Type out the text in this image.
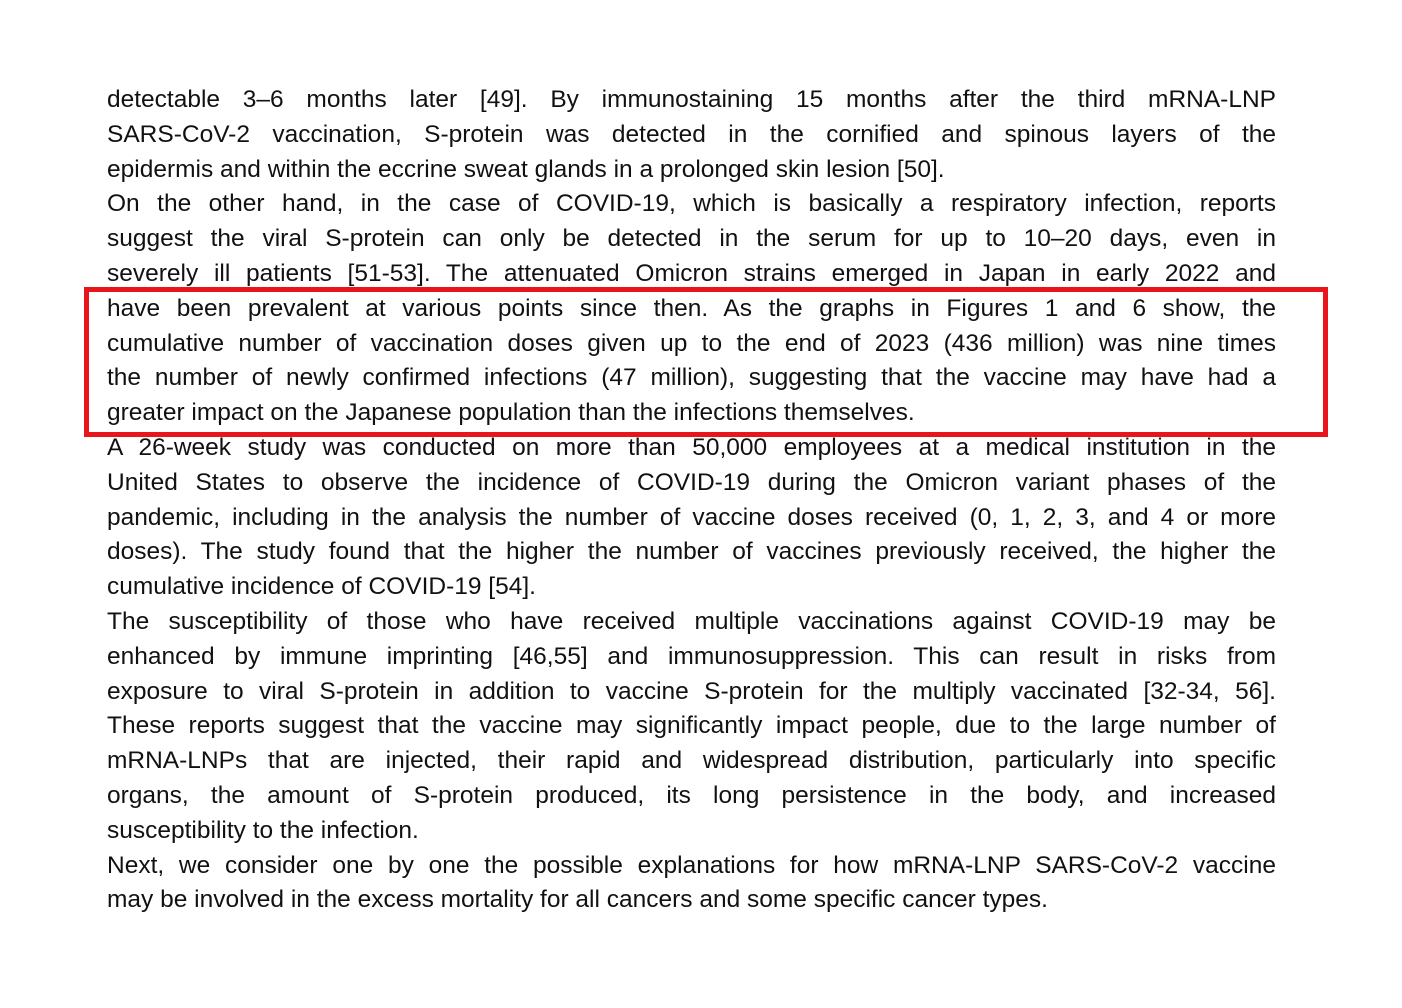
detectable 3–6 months later [49]. By immunostaining 15 months after the third mRNA-LNP
SARS-CoV-2 vaccination, S-protein was detected in the cornified and spinous layers of the
epidermis and within the eccrine sweat glands in a prolonged skin lesion [50].

On the other hand, in the case of COVID-19, which is basically a respiratory infection, reports
suggest the viral S-protein can only be detected in the serum for up to 10–20 days, even in
severely ill patients [51-53]. The attenuated Omicron strains emerged in Japan in early 2022 and
have been prevalent at various points since then. As the graphs in Figures 1 and 6 show, the
cumulative number of vaccination doses given up to the end of 2023 (436 million) was nine times
the number of newly confirmed infections (47 million), suggesting that the vaccine may have had a
greater impact on the Japanese population than the infections themselves.

A 26-week study was conducted on more than 50,000 employees at a medical institution in the
United States to observe the incidence of COVID-19 during the Omicron variant phases of the
pandemic, including in the analysis the number of vaccine doses received (0, 1, 2, 3, and 4 or more
doses). The study found that the higher the number of vaccines previously received, the higher the
cumulative incidence of COVID-19 [54].

The susceptibility of those who have received multiple vaccinations against COVID-19 may be
enhanced by immune imprinting [46,55] and immunosuppression. This can result in risks from
exposure to viral S-protein in addition to vaccine S-protein for the multiply vaccinated [32-34, 56].
These reports suggest that the vaccine may significantly impact people, due to the large number of
mRNA-LNPs that are injected, their rapid and widespread distribution, particularly into specific
organs, the amount of S-protein produced, its long persistence in the body, and increased
susceptibility to the infection.

Next, we consider one by one the possible explanations for how mRNA-LNP SARS-CoV-2 vaccine
may be involved in the excess mortality for all cancers and some specific cancer types.
